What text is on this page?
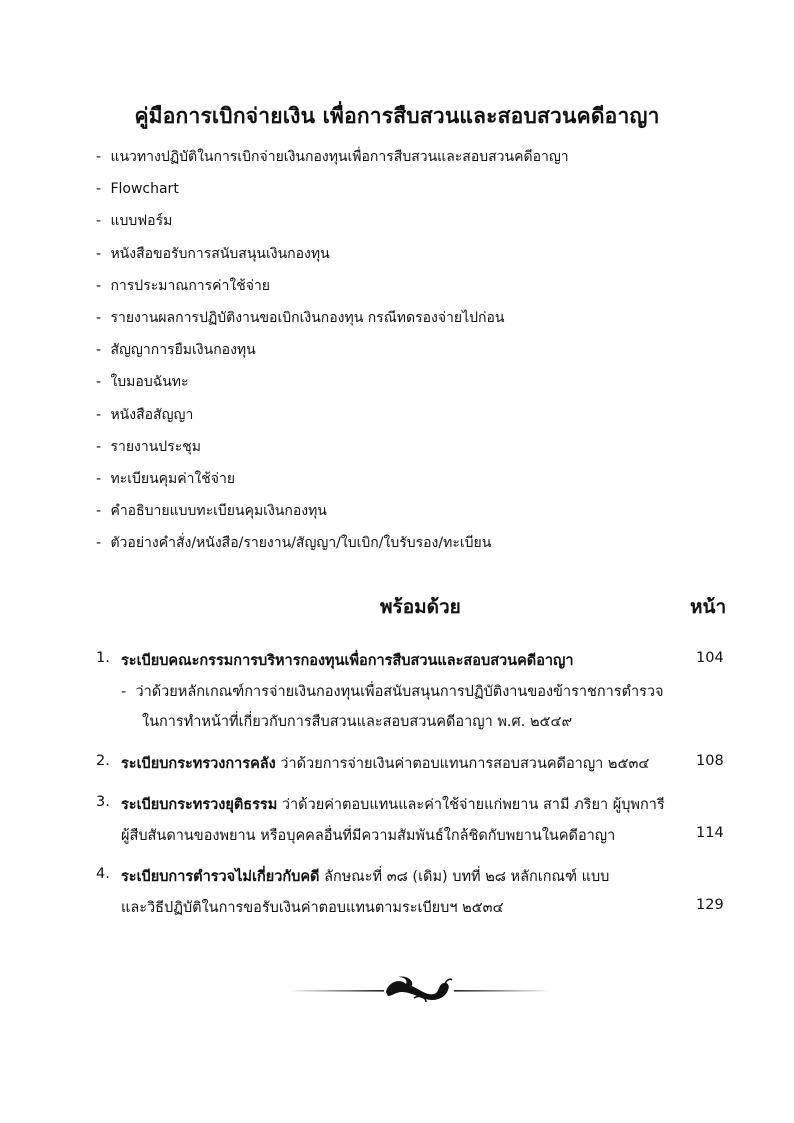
คู่มือการเบิกจ่ายเงิน เพื่อการสืบสวนและสอบสวนคดีอาญา
- แนวทางปฏิบัติในการเบิกจ่ายเงินกองทุนเพื่อการสืบสวนและสอบสวนคดีอาญา
- Flowchart
- แบบฟอร์ม
- หนังสือขอรับการสนับสนุนเงินกองทุน
- การประมาณการค่าใช้จ่าย
- รายงานผลการปฏิบัติงานขอเบิกเงินกองทุน กรณีทดรองจ่ายไปก่อน
- สัญญาการยืมเงินกองทุน
- ใบมอบฉันทะ
- หนังสือสัญญา
- รายงานประชุม
- ทะเบียนคุมค่าใช้จ่าย
- คำอธิบายแบบทะเบียนคุมเงินกองทุน
- ตัวอย่างคำสั่ง/หนังสือ/รายงาน/สัญญา/ใบเบิก/ใบรับรอง/ทะเบียน
พร้อมด้วย	หน้า
1. ระเบียบคณะกรรมการบริหารกองทุนเพื่อการสืบสวนและสอบสวนคดีอาญา	104
- ว่าด้วยหลักเกณฑ์การจ่ายเงินกองทุนเพื่อสนับสนุนการปฏิบัติงานของข้าราชการตำรวจ
ในการทำหน้าที่เกี่ยวกับการสืบสวนและสอบสวนคดีอาญา พ.ศ. ๒๕๔๙
2. ระเบียบกระทรวงการคลัง ว่าด้วยการจ่ายเงินค่าตอบแทนการสอบสวนคดีอาญา ๒๕๓๔	108
3. ระเบียบกระทรวงยุติธรรม ว่าด้วยค่าตอบแทนและค่าใช้จ่ายแก่พยาน สามี ภริยา ผู้บุพการี
ผู้สืบสันดานของพยาน หรือบุคคลอื่นที่มีความสัมพันธ์ใกล้ชิดกับพยานในคดีอาญา	114
4. ระเบียบการตำรวจไม่เกี่ยวกับคดี ลักษณะที่ ๓๘ (เดิม) บทที่ ๒๘ หลักเกณฑ์ แบบ
และวิธีปฏิบัติในการขอรับเงินค่าตอบแทนตามระเบียบฯ ๒๕๓๔	129
